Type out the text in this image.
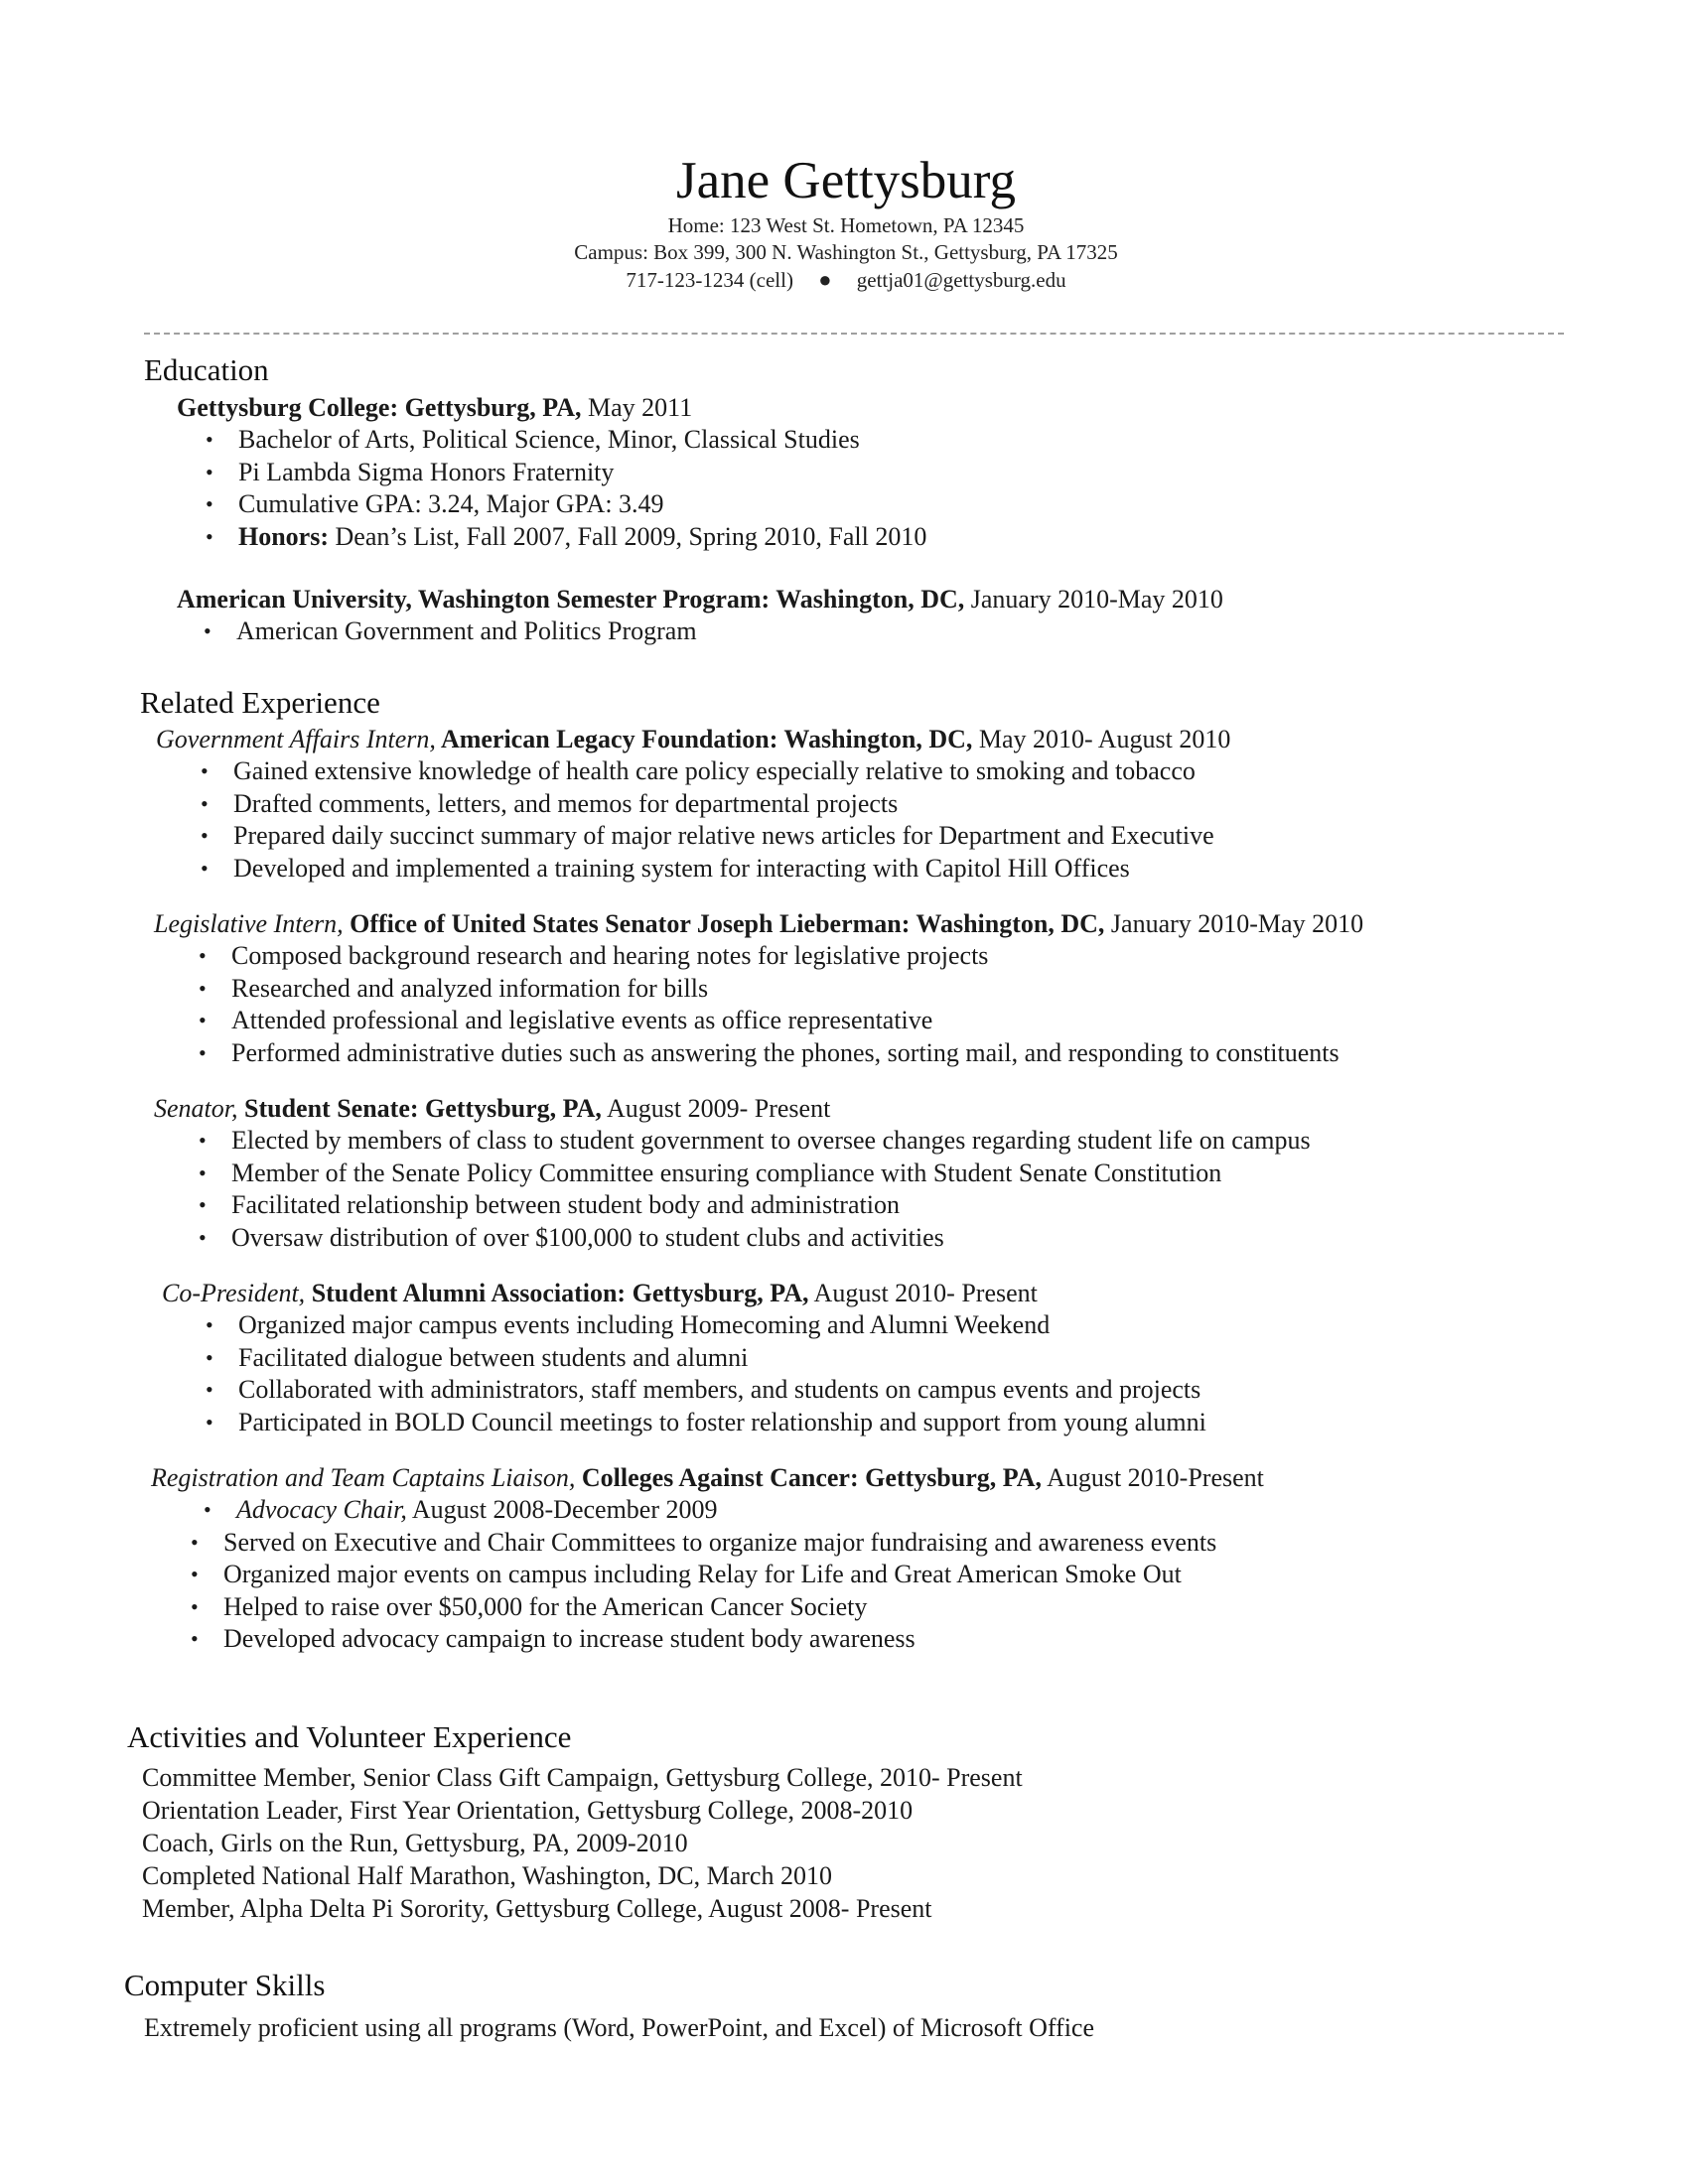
Jane Gettysburg
Home: 123 West St. Hometown, PA 12345
Campus: Box 399, 300 N. Washington St., Gettysburg, PA 17325
717-123-1234 (cell) ● gettja01@gettysburg.edu
Education
Gettysburg College: Gettysburg, PA, May 2011
• Bachelor of Arts, Political Science, Minor, Classical Studies
• Pi Lambda Sigma Honors Fraternity
• Cumulative GPA: 3.24, Major GPA: 3.49
• Honors: Dean’s List, Fall 2007, Fall 2009, Spring 2010, Fall 2010
American University, Washington Semester Program: Washington, DC, January 2010-May 2010
• American Government and Politics Program
Related Experience
Government Affairs Intern, American Legacy Foundation: Washington, DC, May 2010- August 2010
• Gained extensive knowledge of health care policy especially relative to smoking and tobacco
• Drafted comments, letters, and memos for departmental projects
• Prepared daily succinct summary of major relative news articles for Department and Executive
• Developed and implemented a training system for interacting with Capitol Hill Offices
Legislative Intern, Office of United States Senator Joseph Lieberman: Washington, DC, January 2010-May 2010
• Composed background research and hearing notes for legislative projects
• Researched and analyzed information for bills
• Attended professional and legislative events as office representative
• Performed administrative duties such as answering the phones, sorting mail, and responding to constituents
Senator, Student Senate: Gettysburg, PA, August 2009- Present
• Elected by members of class to student government to oversee changes regarding student life on campus
• Member of the Senate Policy Committee ensuring compliance with Student Senate Constitution
• Facilitated relationship between student body and administration
• Oversaw distribution of over $100,000 to student clubs and activities
Co-President, Student Alumni Association: Gettysburg, PA, August 2010- Present
• Organized major campus events including Homecoming and Alumni Weekend
• Facilitated dialogue between students and alumni
• Collaborated with administrators, staff members, and students on campus events and projects
• Participated in BOLD Council meetings to foster relationship and support from young alumni
Registration and Team Captains Liaison, Colleges Against Cancer: Gettysburg, PA, August 2010-Present
• Advocacy Chair, August 2008-December 2009
• Served on Executive and Chair Committees to organize major fundraising and awareness events
• Organized major events on campus including Relay for Life and Great American Smoke Out
• Helped to raise over $50,000 for the American Cancer Society
• Developed advocacy campaign to increase student body awareness
Activities and Volunteer Experience
Committee Member, Senior Class Gift Campaign, Gettysburg College, 2010- Present
Orientation Leader, First Year Orientation, Gettysburg College, 2008-2010
Coach, Girls on the Run, Gettysburg, PA, 2009-2010
Completed National Half Marathon, Washington, DC, March 2010
Member, Alpha Delta Pi Sorority, Gettysburg College, August 2008- Present
Computer Skills
Extremely proficient using all programs (Word, PowerPoint, and Excel) of Microsoft Office
